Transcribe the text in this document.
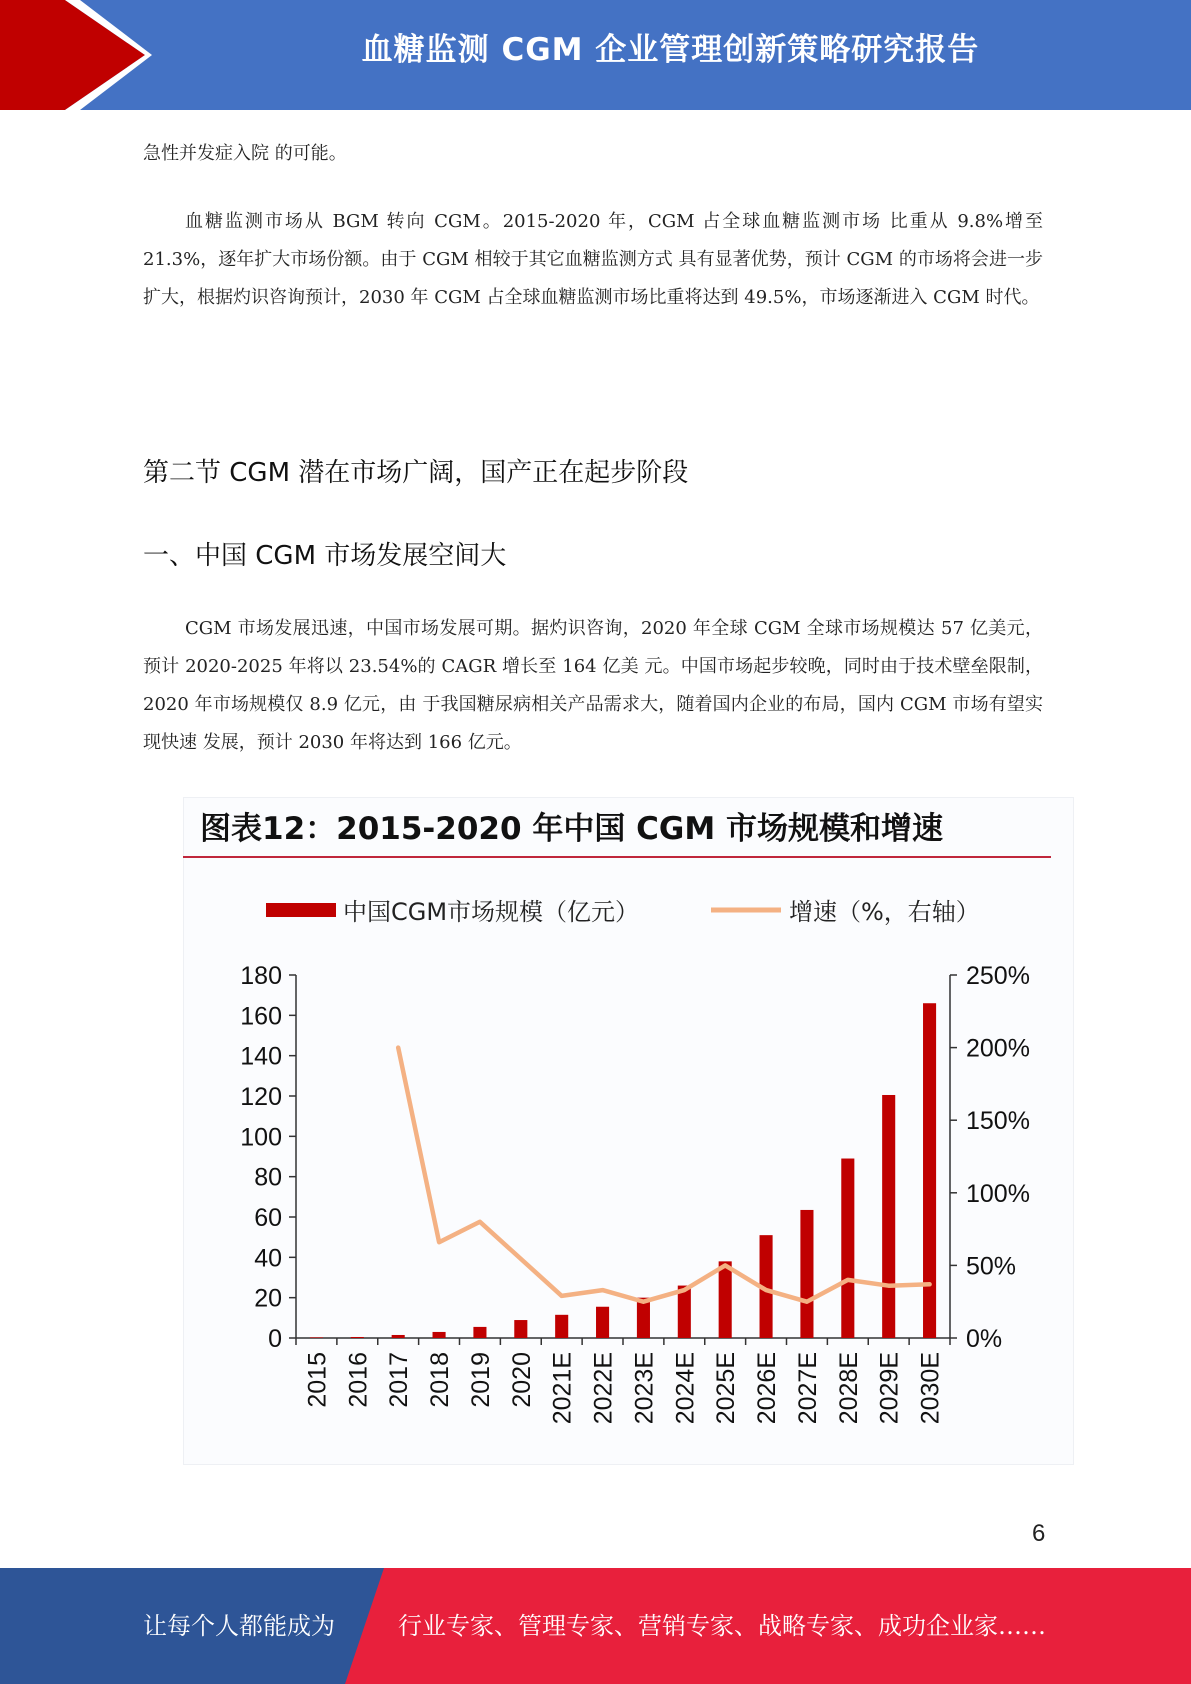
血糖监测 CGM 企业管理创新策略研究报告

急性并发症入院 的可能。

血糖监测市场从 BGM 转向 CGM。2015-2020 年，CGM 占全球血糖监测市场 比重从 9.8%增至 21.3%，逐年扩大市场份额。由于 CGM 相较于其它血糖监测方式 具有显著优势，预计 CGM 的市场将会进一步扩大，根据灼识咨询预计，2030 年 CGM 占全球血糖监测市场比重将达到 49.5%，市场逐渐进入 CGM 时代。

第二节 CGM 潜在市场广阔，国产正在起步阶段
一、中国 CGM 市场发展空间大

CGM 市场发展迅速，中国市场发展可期。据灼识咨询，2020 年全球 CGM 全球市场规模达 57 亿美元，预计 2020-2025 年将以 23.54%的 CAGR 增长至 164 亿美 元。中国市场起步较晚，同时由于技术壁垒限制，2020 年市场规模仅 8.9 亿元，由 于我国糖尿病相关产品需求大，随着国内企业的布局，国内 CGM 市场有望实现快速 发展，预计 2030 年将达到 166 亿元。

图表12：2015-2020 年中国 CGM 市场规模和增速
中国CGM市场规模（亿元）	增速（%，右轴）
0
20
40
60
80
100
120
140
160
180
0%
50%
100%
150%
200%
250%
2015 2016 2017 2018 2019 2020 2021E 2022E 2023E 2024E 2025E 2026E 2027E 2028E 2029E 2030E
6
让每个人都能成为	行业专家、管理专家、营销专家、战略专家、成功企业家……
